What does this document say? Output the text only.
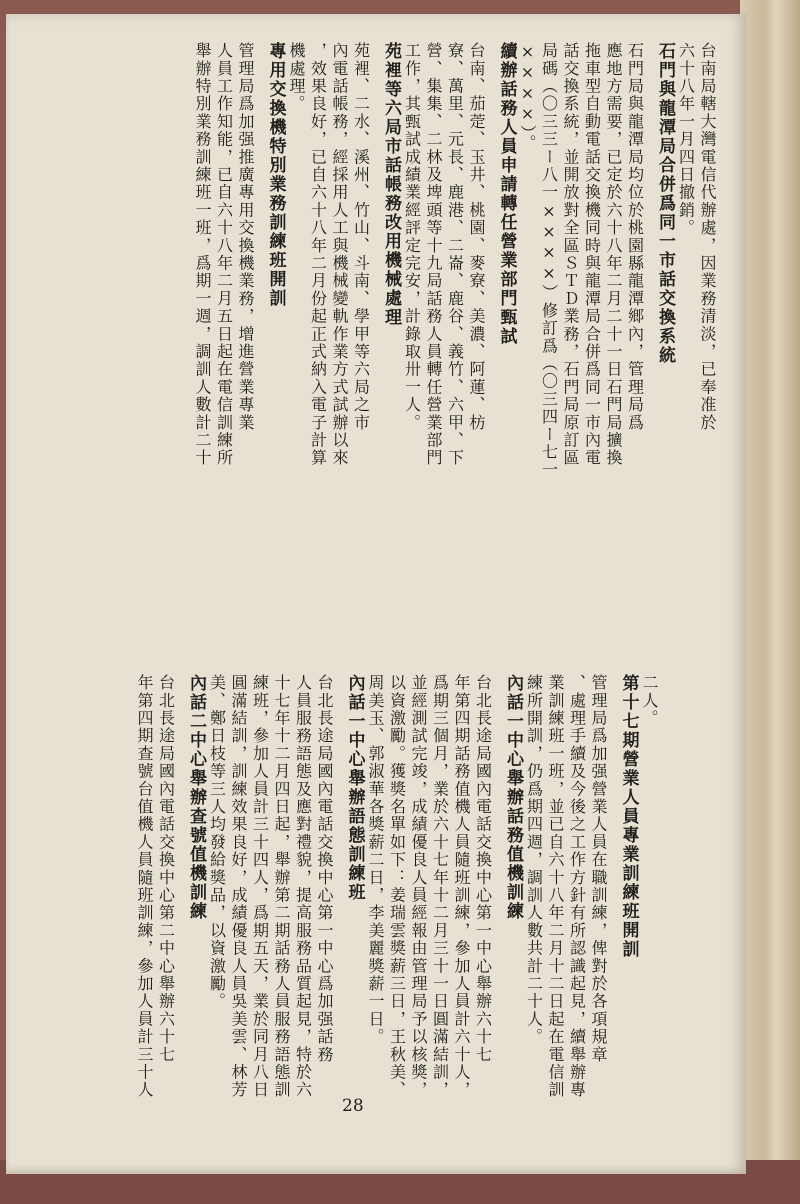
台南局轄大灣電信代辦處，因業務清淡，已奉准於
六十八年一月四日撤銷。
石門與龍潭局合併爲同一市話交換系統
石門局與龍潭局均位於桃園縣龍潭鄉內，管理局爲
應地方需要，已定於六十八年二月二十一日石門局擴換
拖車型自動電話交換機同時與龍潭局合併爲同一市內電
話交換系統，並開放對全區ＳＴＤ業務，石門局原訂區
局碼（〇三三ー八一××××）修訂爲（〇三四ー七一
××××）。
續辦話務人員申請轉任營業部門甄試
台南、茄萣、玉井、桃園、麥寮、美濃、阿蓮、枋
寮、萬里、元長、鹿港、二崙、鹿谷、義竹、六甲、下
營、集集、二林及埤頭等十九局話務人員轉任營業部門
工作，其甄試成績業經評定完安，計錄取卅一人。
苑裡等六局市話帳務改用機械處理
苑裡、二水、溪州、竹山、斗南、學甲等六局之市
內電話帳務，經採用人工與機械變軌作業方式試辦以來
，效果良好，已自六十八年二月份起正式納入電子計算
機處理。
專用交換機特別業務訓練班開訓
管理局爲加强推廣專用交換機業務，增進營業專業
人員工作知能，已自六十八年二月五日起在電信訓練所
舉辦特別業務訓練班一班，爲期一週，調訓人數計二十
二人。
第十七期營業人員專業訓練班開訓
管理局爲加强營業人員在職訓練，俾對於各項規章
、處理手續及今後之工作方針有所認識起見，續舉辦專
業訓練班一班，並已自六十八年二月十二日起在電信訓
練所開訓，仍爲期四週，調訓人數共計二十人。
內話一中心舉辦話務值機訓練
台北長途局國內電話交換中心第一中心舉辦六十七
年第四期話務值機人員隨班訓練，參加人員計六十人，
爲期三個月，業於六十七年十二月三十一日圓滿結訓，
並經測試完竣，成績優良人員經報由管理局予以核獎，
以資激勵。獲獎名單如下：姜瑞雲獎薪三日，王秋美、
周美玉、郭淑華各獎薪二日，李美麗獎薪一日。
內話一中心舉辦語態訓練班
台北長途局國內電話交換中心第一中心爲加强話務
人員服務語態及應對禮貌，提高服務品質起見，特於六
十七年十二月四日起，舉辦第二期話務人員服務語態訓
練班，參加人員計三十四人，爲期五天，業於同月八日
圓滿結訓，訓練效果良好，成績優良人員吳美雲、林芳
美、鄭日枝等三人均發給獎品，以資激勵。
內話二中心舉辦查號值機訓練
台北長途局國內電話交換中心第二中心舉辦六十七
年第四期查號台值機人員隨班訓練，參加人員計三十人
28
